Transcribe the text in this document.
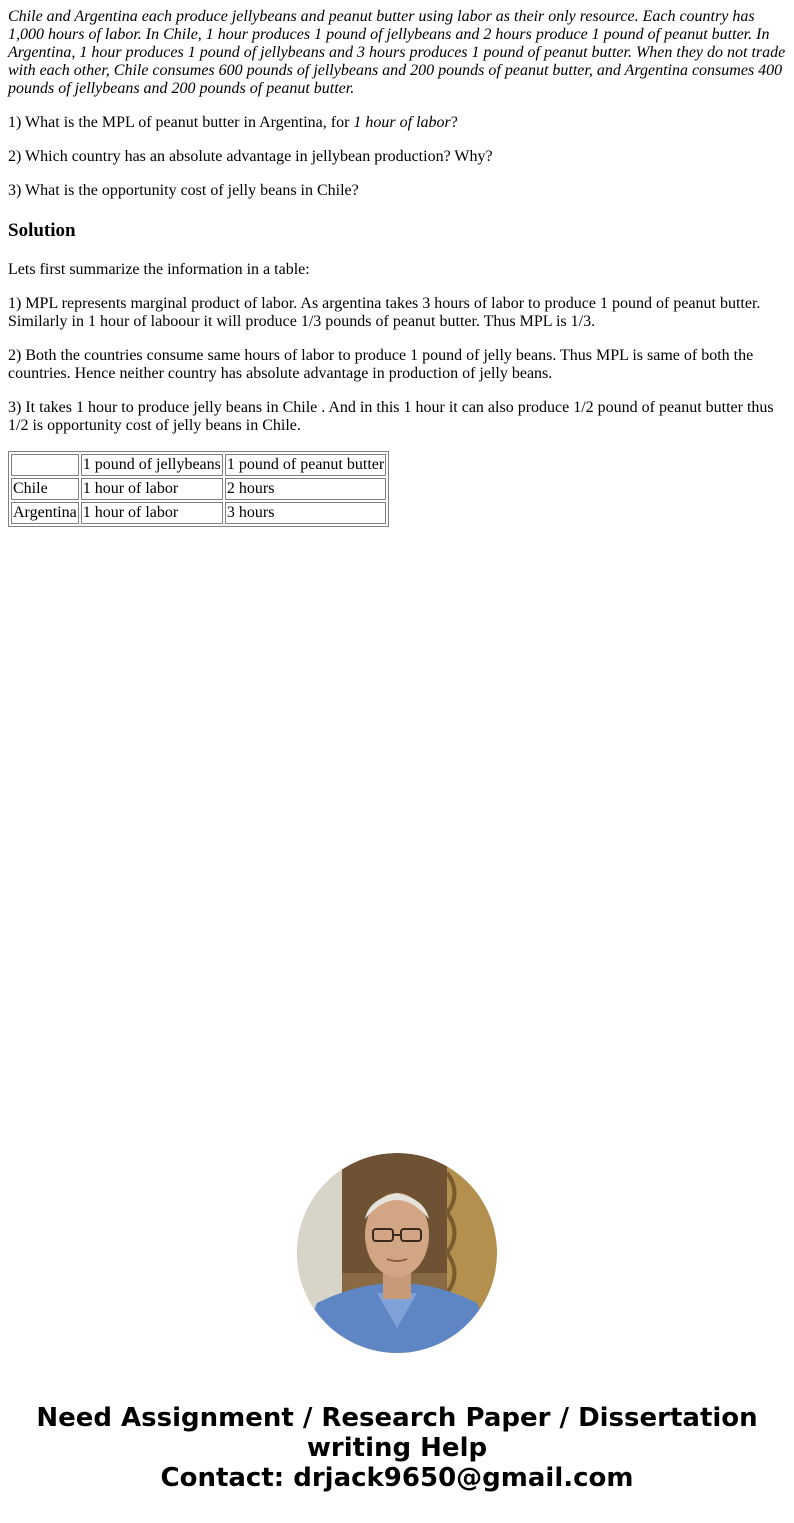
Chile and Argentina each produce jellybeans and peanut butter using labor as their only resource. Each country has 1,000 hours of labor. In Chile, 1 hour produces 1 pound of jellybeans and 2 hours produce 1 pound of peanut butter. In Argentina, 1 hour produces 1 pound of jellybeans and 3 hours produces 1 pound of peanut butter. When they do not trade with each other, Chile consumes 600 pounds of jellybeans and 200 pounds of peanut butter, and Argentina consumes 400 pounds of jellybeans and 200 pounds of peanut butter.

1) What is the MPL of peanut butter in Argentina, for 1 hour of labor?

2) Which country has an absolute advantage in jellybean production? Why?

3) What is the opportunity cost of jelly beans in Chile?

Solution

Lets first summarize the information in a table:

1) MPL represents marginal product of labor. As argentina takes 3 hours of labor to produce 1 pound of peanut butter. Similarly in 1 hour of laboour it will produce 1/3 pounds of peanut butter. Thus MPL is 1/3.

2) Both the countries consume same hours of labor to produce 1 pound of jelly beans. Thus MPL is same of both the countries. Hence neither country has absolute advantage in production of jelly beans.

3) It takes 1 hour to produce jelly beans in Chile . And in this 1 hour it can also produce 1/2 pound of peanut butter thus 1/2 is opportunity cost of jelly beans in Chile.

	1 pound of jellybeans	1 pound of peanut butter
Chile	1 hour of labor	2 hours
Argentina	1 hour of labor	3 hours
Need Assignment / Research Paper / Dissertation
writing Help
Contact: drjack9650@gmail.com
